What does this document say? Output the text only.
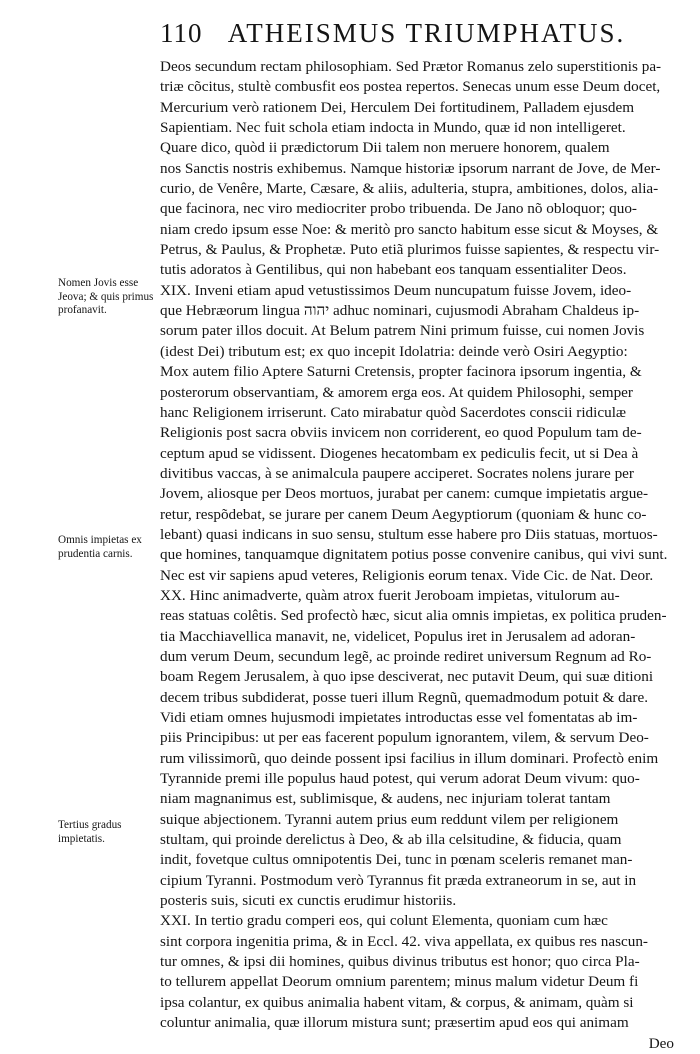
110 ATHEISMUS TRIUMPHATUS.
Deos secundum rectam philosophiam. Sed Prætor Romanus zelo superstitionis pa-
triæ cõcitus, stultè combusfit eos postea repertos. Senecas unum esse Deum docet,
Mercurium verò rationem Dei, Herculem Dei fortitudinem, Palladem ejusdem
Sapientiam. Nec fuit schola etiam indocta in Mundo, quæ id non intelligeret.
Quare dico, quòd ii prædictorum Dii talem non meruere honorem, qualem
nos Sanctis nostris exhibemus. Namque historiæ ipsorum narrant de Jove, de Mer-
curio, de Venêre, Marte, Cæsare, & aliis, adulteria, stupra, ambitiones, dolos, alia-
que facinora, nec viro mediocriter probo tribuenda. De Jano nõ obloquor; quo-
niam credo ipsum esse Noe: & meritò pro sancto habitum esse sicut & Moyses, &
Petrus, & Paulus, & Prophetæ. Puto etiã plurimos fuisse sapientes, & respectu vir-
tutis adoratos à Gentilibus, qui non habebant eos tanquam essentialiter Deos.
XIX. Inveni etiam apud vetustissimos Deum nuncupatum fuisse Jovem, ideo-
que Hebræorum lingua יהוה adhuc nominari, cujusmodi Abraham Chaldeus ip-
sorum pater illos docuit. At Belum patrem Nini primum fuisse, cui nomen Jovis
(idest Dei) tributum est; ex quo incepit Idolatria: deinde verò Osiri Aegyptio:
Mox autem filio Aptere Saturni Cretensis, propter facinora ipsorum ingentia, &
posterorum observantiam, & amorem erga eos. At quidem Philosophi, semper
hanc Religionem irriserunt. Cato mirabatur quòd Sacerdotes conscii ridiculæ
Religionis post sacra obviis invicem non corriderent, eo quod Populum tam de-
ceptum apud se vidissent. Diogenes hecatombam ex pediculis fecit, ut si Dea à
divitibus vaccas, à se animalcula paupere acciperet. Socrates nolens jurare per
Jovem, aliosque per Deos mortuos, jurabat per canem: cumque impietatis argue-
retur, respõdebat, se jurare per canem Deum Aegyptiorum (quoniam & hunc co-
lebant) quasi indicans in suo sensu, stultum esse habere pro Diis statuas, mortuos-
que homines, tanquamque dignitatem potius posse convenire canibus, qui vivi sunt.
Nec est vir sapiens apud veteres, Religionis eorum tenax. Vide Cic. de Nat. Deor.
XX. Hinc animadverte, quàm atrox fuerit Jeroboam impietas, vitulorum au-
reas statuas colêtis. Sed profectò hæc, sicut alia omnis impietas, ex politica pruden-
tia Macchiavellica manavit, ne, videlicet, Populus iret in Jerusalem ad adoran-
dum verum Deum, secundum legẽ, ac proinde rediret universum Regnum ad Ro-
boam Regem Jerusalem, à quo ipse desciverat, nec putavit Deum, qui suæ ditioni
decem tribus subdiderat, posse tueri illum Regnũ, quemadmodum potuit & dare.
Vidi etiam omnes hujusmodi impietates introductas esse vel fomentatas ab im-
piis Principibus: ut per eas facerent populum ignorantem, vilem, & servum Deo-
rum vilissimorũ, quo deinde possent ipsi facilius in illum dominari. Profectò enim
Tyrannide premi ille populus haud potest, qui verum adorat Deum vivum: quo-
niam magnanimus est, sublimisque, & audens, nec injuriam tolerat tantam
suique abjectionem. Tyranni autem prius eum reddunt vilem per religionem
stultam, qui proinde derelictus à Deo, & ab illa celsitudine, & fiducia, quam
indit, fovetque cultus omnipotentis Dei, tunc in pœnam sceleris remanet man-
cipium Tyranni. Postmodum verò Tyrannus fit præda extraneorum in se, aut in
posteris suis, sicuti ex cunctis erudimur historiis.
XXI. In tertio gradu comperi eos, qui colunt Elementa, quoniam cum hæc
sint corpora ingenitia prima, & in Eccl. 42. viva appellata, ex quibus res nascun-
tur omnes, & ipsi dii homines, quibus divinus tributus est honor; quo circa Pla-
to tellurem appellat Deorum omnium parentem; minus malum videtur Deum fi
ipsa colantur, ex quibus animalia habent vitam, & corpus, & animam, quàm si
coluntur animalia, quæ illorum mistura sunt; præsertim apud eos qui animam
Deo
Nomen Jovis esse Jeova; & quis primus profanavit.
Omnis impietas ex prudentia carnis.
Tertius gradus impietatis.
